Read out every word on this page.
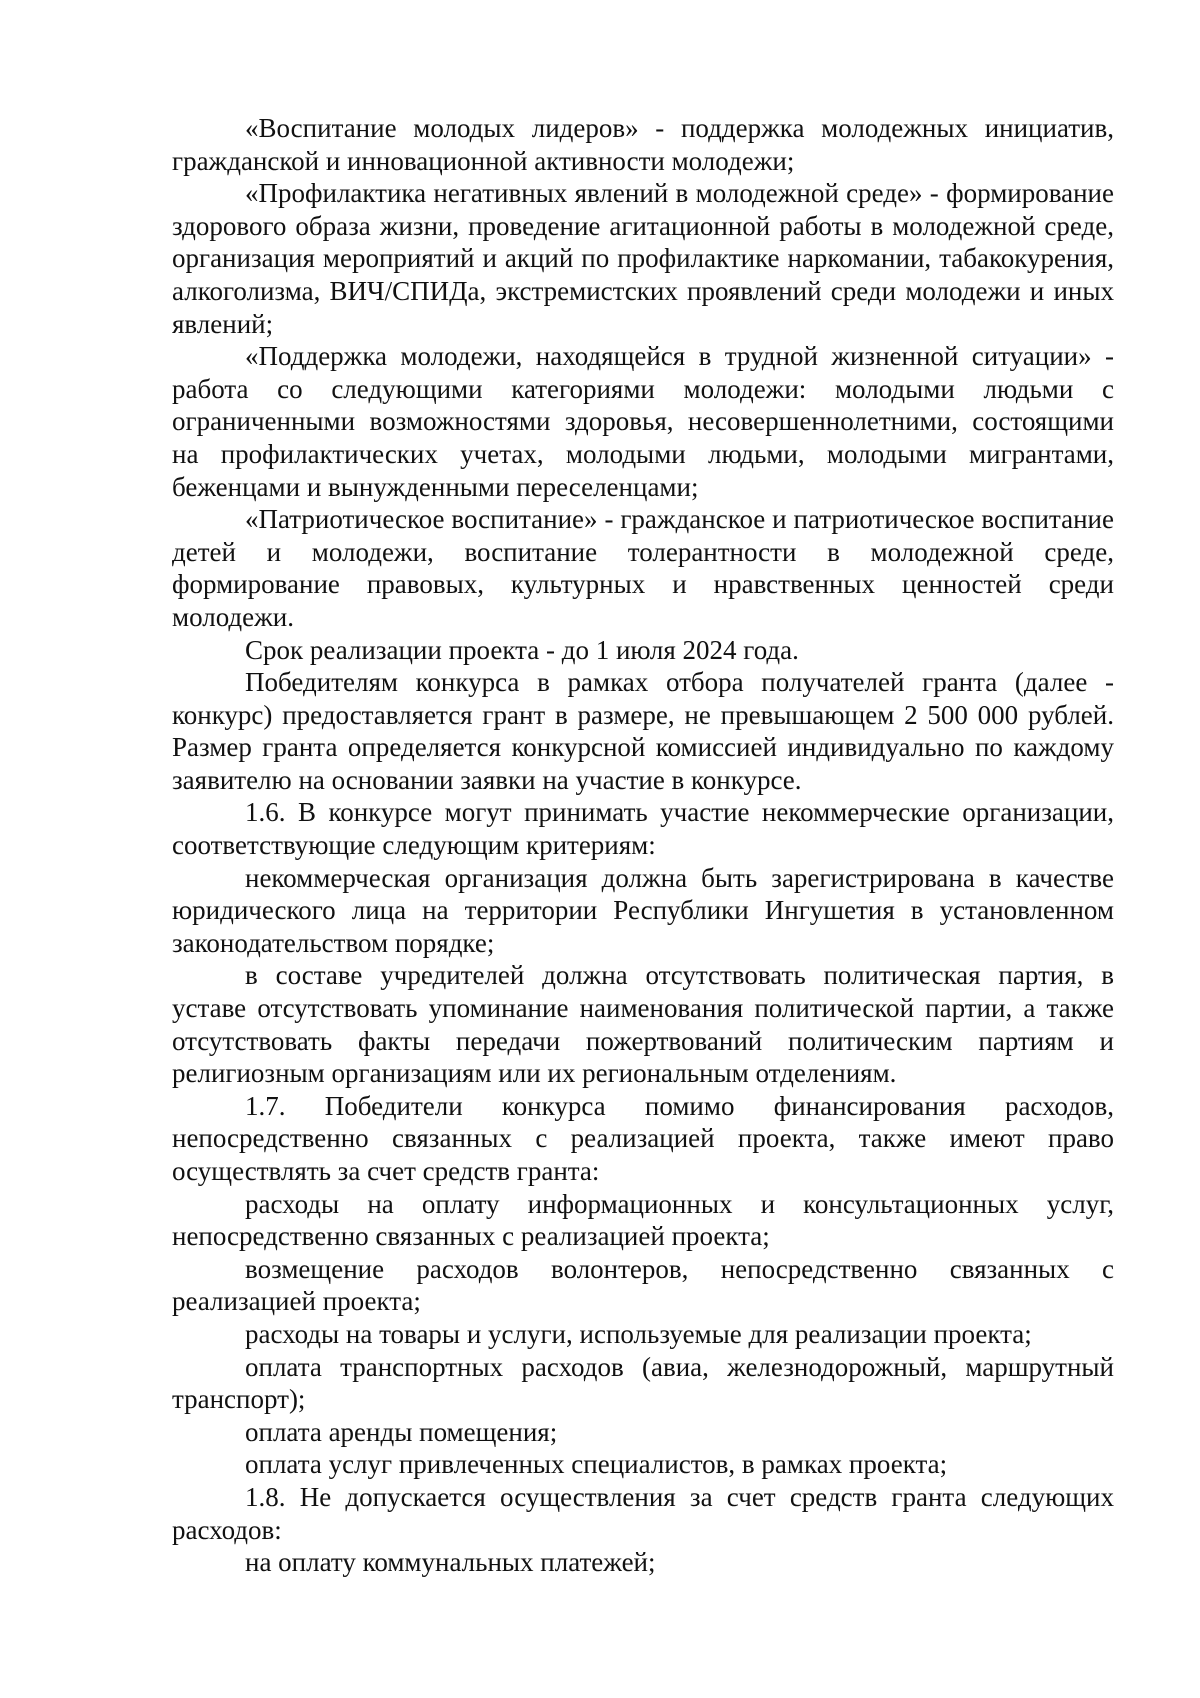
«Воспитание молодых лидеров» - поддержка молодежных инициатив, гражданской и инновационной активности молодежи;

«Профилактика негативных явлений в молодежной среде» - формирование здорового образа жизни, проведение агитационной работы в молодежной среде, организация мероприятий и акций по профилактике наркомании, табакокурения, алкоголизма, ВИЧ/СПИДа, экстремистских проявлений среди молодежи и иных явлений;

«Поддержка молодежи, находящейся в трудной жизненной ситуации» - работа со следующими категориями молодежи: молодыми людьми с ограниченными возможностями здоровья, несовершеннолетними, состоящими на профилактических учетах, молодыми людьми, молодыми мигрантами, беженцами и вынужденными переселенцами;

«Патриотическое воспитание» - гражданское и патриотическое воспитание детей и молодежи, воспитание толерантности в молодежной среде, формирование правовых, культурных и нравственных ценностей среди молодежи.

Срок реализации проекта - до 1 июля 2024 года.

Победителям конкурса в рамках отбора получателей гранта (далее - конкурс) предоставляется грант в размере, не превышающем 2 500 000 рублей. Размер гранта определяется конкурсной комиссией индивидуально по каждому заявителю на основании заявки на участие в конкурсе.

1.6. В конкурсе могут принимать участие некоммерческие организации, соответствующие следующим критериям:

некоммерческая организация должна быть зарегистрирована в качестве юридического лица на территории Республики Ингушетия в установленном законодательством порядке;

в составе учредителей должна отсутствовать политическая партия, в уставе отсутствовать упоминание наименования политической партии, а также отсутствовать факты передачи пожертвований политическим партиям и религиозным организациям или их региональным отделениям.

1.7. Победители конкурса помимо финансирования расходов, непосредственно связанных с реализацией проекта, также имеют право осуществлять за счет средств гранта:

расходы на оплату информационных и консультационных услуг, непосредственно связанных с реализацией проекта;

возмещение расходов волонтеров, непосредственно связанных с реализацией проекта;

расходы на товары и услуги, используемые для реализации проекта;

оплата транспортных расходов (авиа, железнодорожный, маршрутный транспорт);

оплата аренды помещения;

оплата услуг привлеченных специалистов, в рамках проекта;

1.8. Не допускается осуществления за счет средств гранта следующих расходов:

на оплату коммунальных платежей;
